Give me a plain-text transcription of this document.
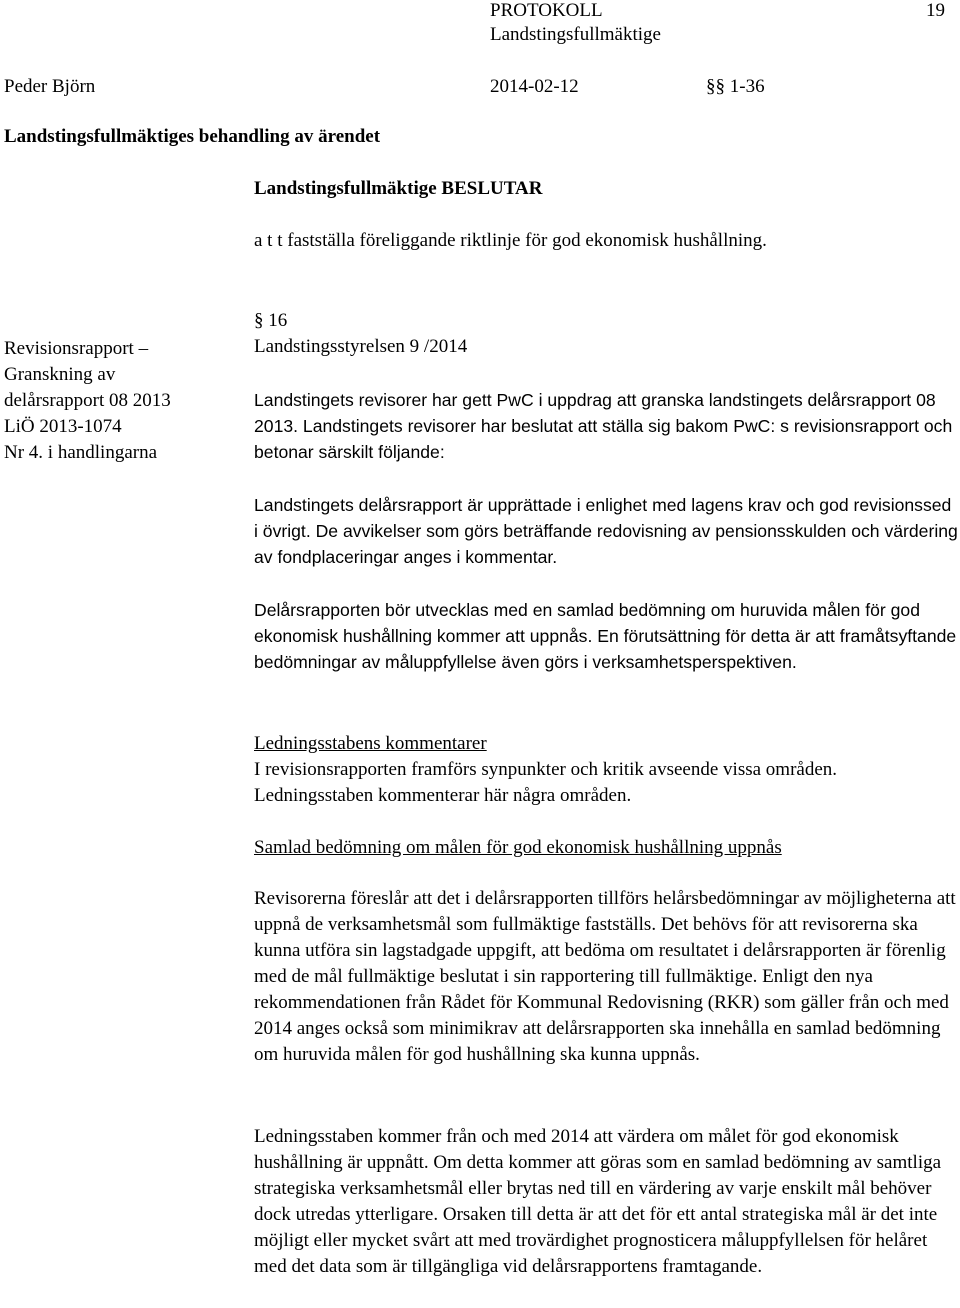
PROTOKOLL
Landstingsfullmäktige
19
Peder Björn	2014-02-12	§§ 1-36
Landstingsfullmäktiges behandling av ärendet
Landstingsfullmäktige BESLUTAR
a t t fastställa föreliggande riktlinje för god ekonomisk hushållning.
Revisionsrapport –
Granskning av
delårsrapport 08 2013
LiÖ 2013-1074
Nr 4. i handlingarna
§ 16
Landstingsstyrelsen 9 /2014
Landstingets revisorer har gett PwC i uppdrag att granska landstingets delårsrapport 08 2013. Landstingets revisorer har beslutat att ställa sig bakom PwC: s revisionsrapport och betonar särskilt följande:
Landstingets delårsrapport är upprättade i enlighet med lagens krav och god revisionssed i övrigt. De avvikelser som görs beträffande redovisning av pensionsskulden och värdering av fondplaceringar anges i kommentar.
Delårsrapporten bör utvecklas med en samlad bedömning om huruvida målen för god ekonomisk hushållning kommer att uppnås. En förutsättning för detta är att framåtsyftande bedömningar av måluppfyllelse även görs i verksamhetsperspektiven.
Ledningsstabens kommentarer
I revisionsrapporten framförs synpunkter och kritik avseende vissa områden.
Ledningsstaben kommenterar här några områden.
Samlad bedömning om målen för god ekonomisk hushållning uppnås
Revisorerna föreslår att det i delårsrapporten tillförs helårsbedömningar av möjligheterna att uppnå de verksamhetsmål som fullmäktige fastställs. Det behövs för att revisorerna ska kunna utföra sin lagstadgade uppgift, att bedöma om resultatet i delårsrapporten är förenlig med de mål fullmäktige beslutat i sin rapportering till fullmäktige. Enligt den nya rekommendationen från Rådet för Kommunal Redovisning (RKR) som gäller från och med 2014 anges också som minimikrav att delårsrapporten ska innehålla en samlad bedömning om huruvida målen för god hushållning ska kunna uppnås.
Ledningsstaben kommer från och med 2014 att värdera om målet för god ekonomisk hushållning är uppnått. Om detta kommer att göras som en samlad bedömning av samtliga strategiska verksamhetsmål eller brytas ned till en värdering av varje enskilt mål behöver dock utredas ytterligare. Orsaken till detta är att det för ett antal strategiska mål är det inte möjligt eller mycket svårt att med trovärdighet prognosticera måluppfyllelsen för helåret med det data som är tillgängliga vid delårsrapportens framtagande.
